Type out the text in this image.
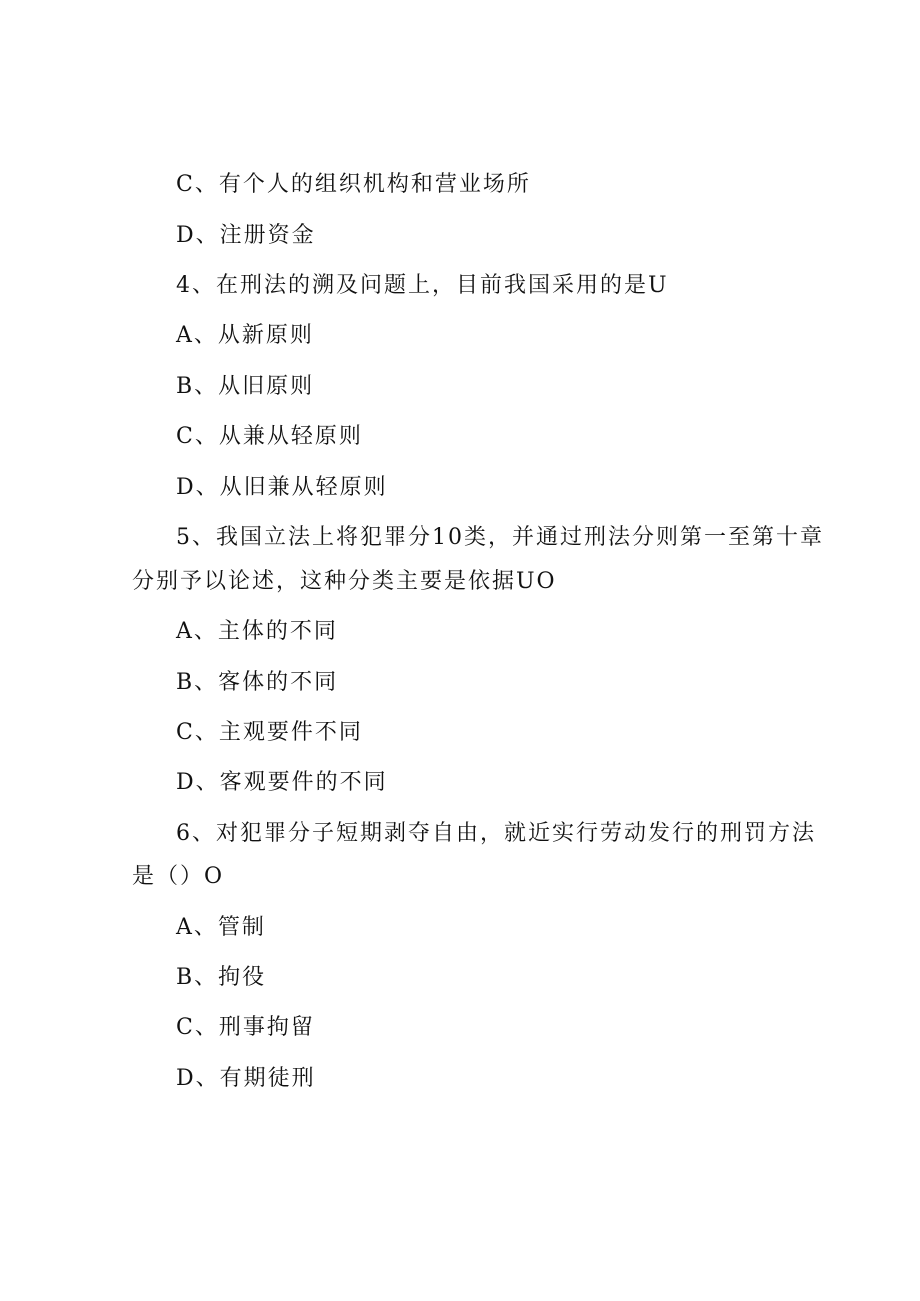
C、有个人的组织机构和营业场所
D、注册资金
4、在刑法的溯及问题上，目前我国采用的是U
A、从新原则
B、从旧原则
C、从兼从轻原则
D、从旧兼从轻原则
5、我国立法上将犯罪分10类，并通过刑法分则第一至第十章
分别予以论述，这种分类主要是依据UO
A、主体的不同
B、客体的不同
C、主观要件不同
D、客观要件的不同
6、对犯罪分子短期剥夺自由，就近实行劳动发行的刑罚方法
是（）O
A、管制
B、拘役
C、刑事拘留
D、有期徒刑
